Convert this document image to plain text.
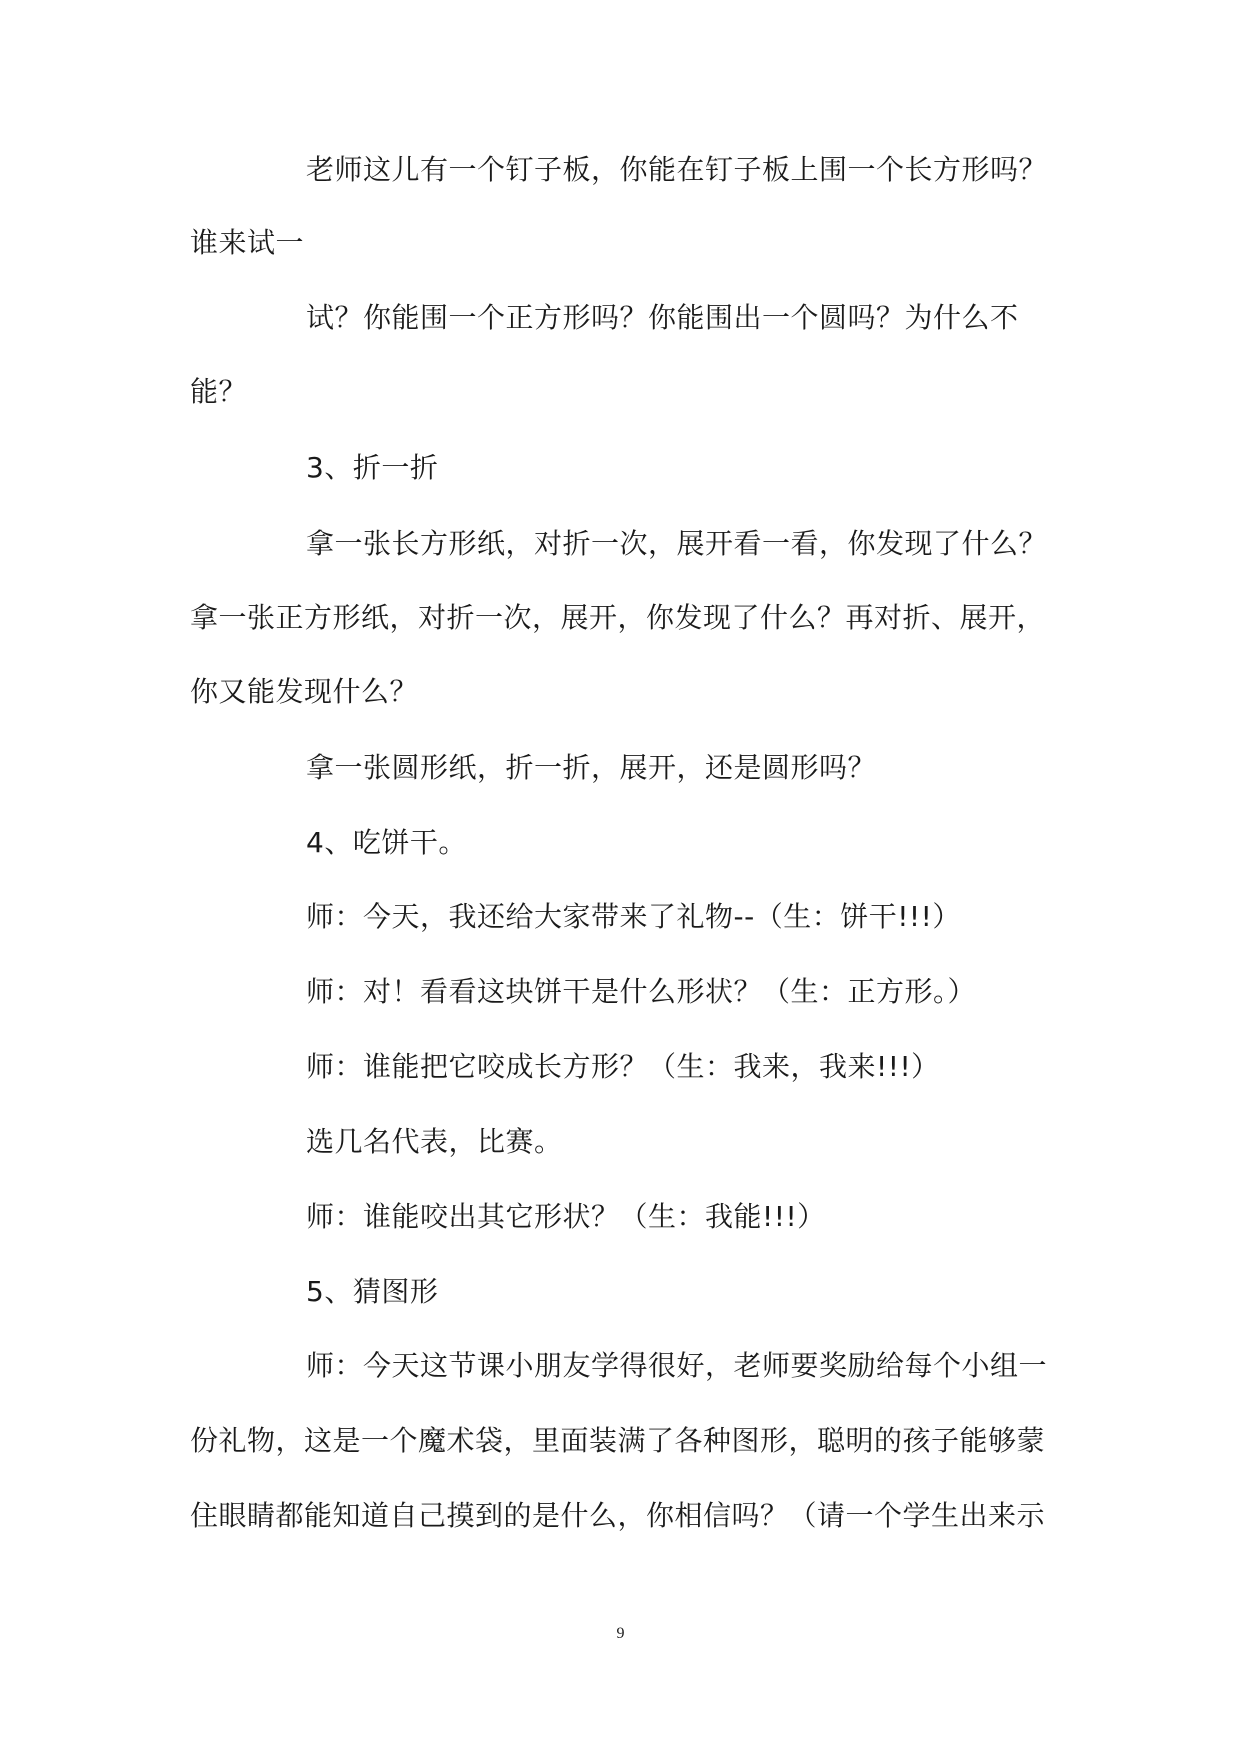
老师这儿有一个钉子板，你能在钉子板上围一个长方形吗？
谁来试一
试？你能围一个正方形吗？你能围出一个圆吗？为什么不
能？
3、折一折
拿一张长方形纸，对折一次，展开看一看，你发现了什么？
拿一张正方形纸，对折一次，展开，你发现了什么？再对折、展开，
你又能发现什么？
拿一张圆形纸，折一折，展开，还是圆形吗？
4、吃饼干。
师：今天，我还给大家带来了礼物--（生：饼干!!!）
师：对！看看这块饼干是什么形状？（生：正方形。）
师：谁能把它咬成长方形？（生：我来，我来!!!）
选几名代表，比赛。
师：谁能咬出其它形状？（生：我能!!!）
5、猜图形
师：今天这节课小朋友学得很好，老师要奖励给每个小组一
份礼物，这是一个魔术袋，里面装满了各种图形，聪明的孩子能够蒙
住眼睛都能知道自己摸到的是什么，你相信吗？（请一个学生出来示
9
